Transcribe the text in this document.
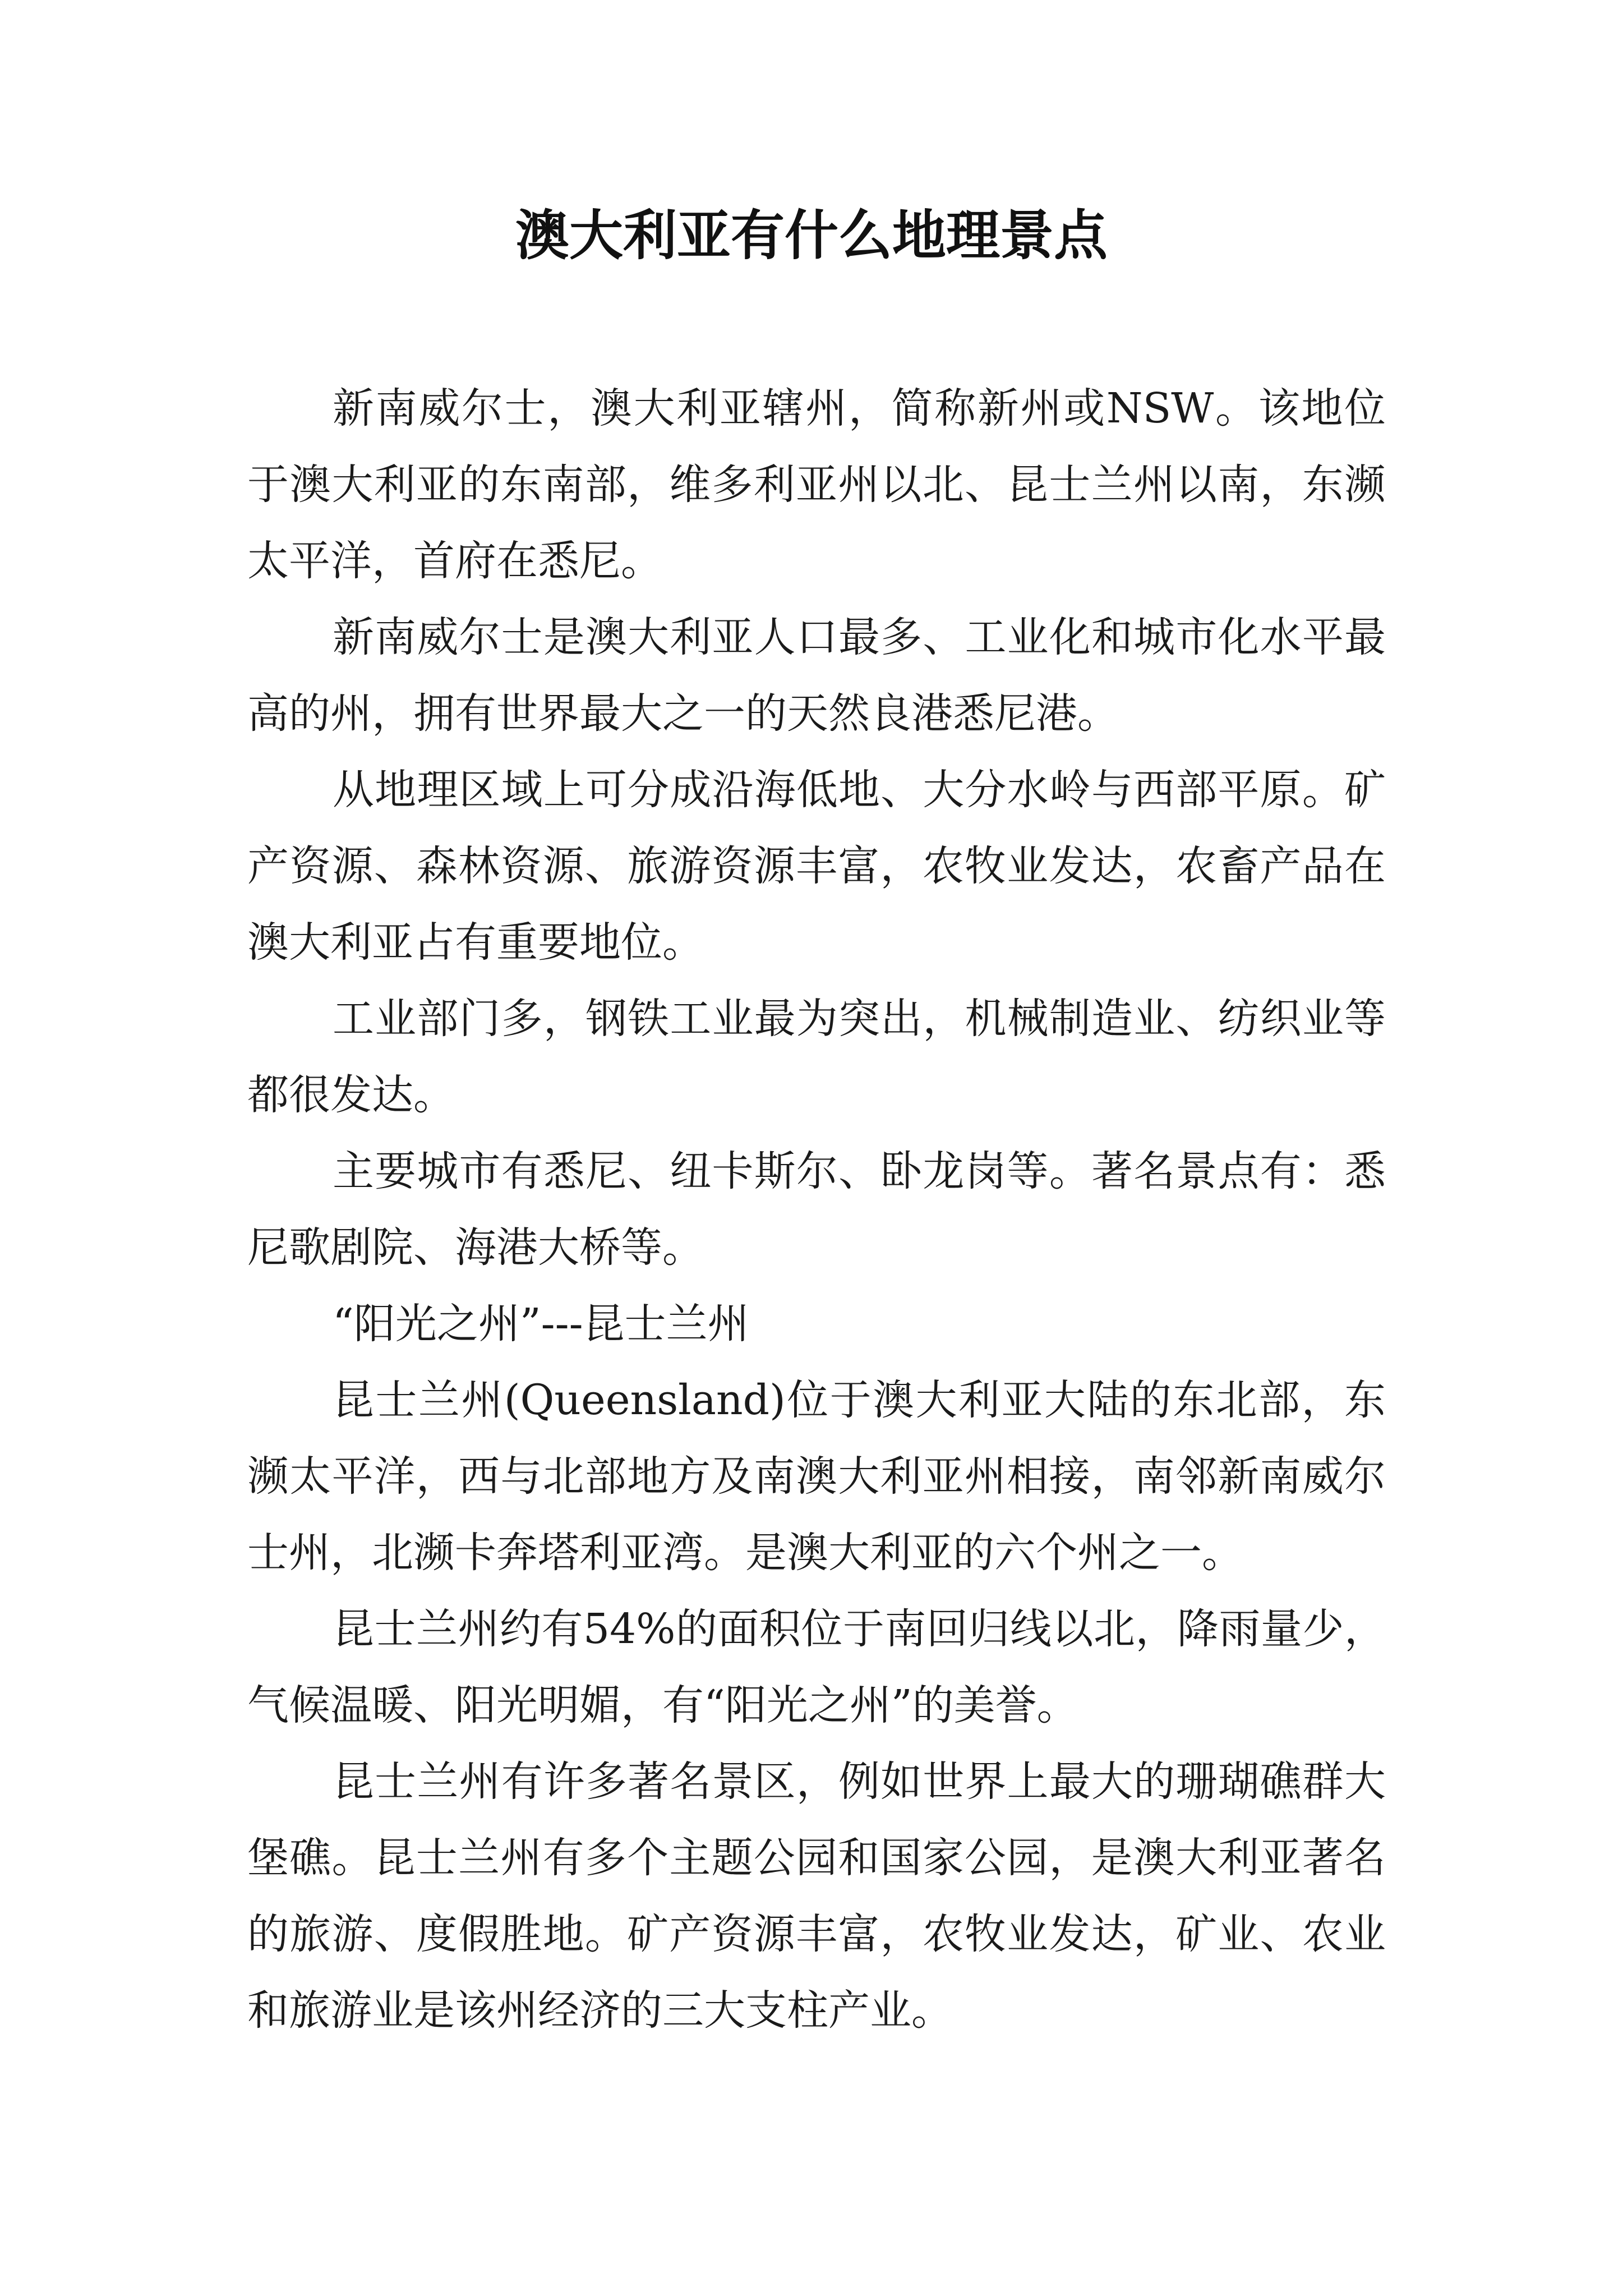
澳大利亚有什么地理景点

新南威尔士，澳大利亚辖州，简称新州或NSW。该地位于澳大利亚的东南部，维多利亚州以北、昆士兰州以南，东濒太平洋，首府在悉尼。

新南威尔士是澳大利亚人口最多、工业化和城市化水平最高的州，拥有世界最大之一的天然良港悉尼港。

从地理区域上可分成沿海低地、大分水岭与西部平原。矿产资源、森林资源、旅游资源丰富，农牧业发达，农畜产品在澳大利亚占有重要地位。

工业部门多，钢铁工业最为突出，机械制造业、纺织业等都很发达。

主要城市有悉尼、纽卡斯尔、卧龙岗等。著名景点有：悉尼歌剧院、海港大桥等。

“阳光之州”---昆士兰州

昆士兰州(Queensland)位于澳大利亚大陆的东北部，东濒太平洋，西与北部地方及南澳大利亚州相接，南邻新南威尔士州，北濒卡奔塔利亚湾。是澳大利亚的六个州之一。

昆士兰州约有54%的面积位于南回归线以北，降雨量少，气候温暖、阳光明媚，有“阳光之州”的美誉。

昆士兰州有许多著名景区，例如世界上最大的珊瑚礁群大堡礁。昆士兰州有多个主题公园和国家公园，是澳大利亚著名的旅游、度假胜地。矿产资源丰富，农牧业发达，矿业、农业和旅游业是该州经济的三大支柱产业。
